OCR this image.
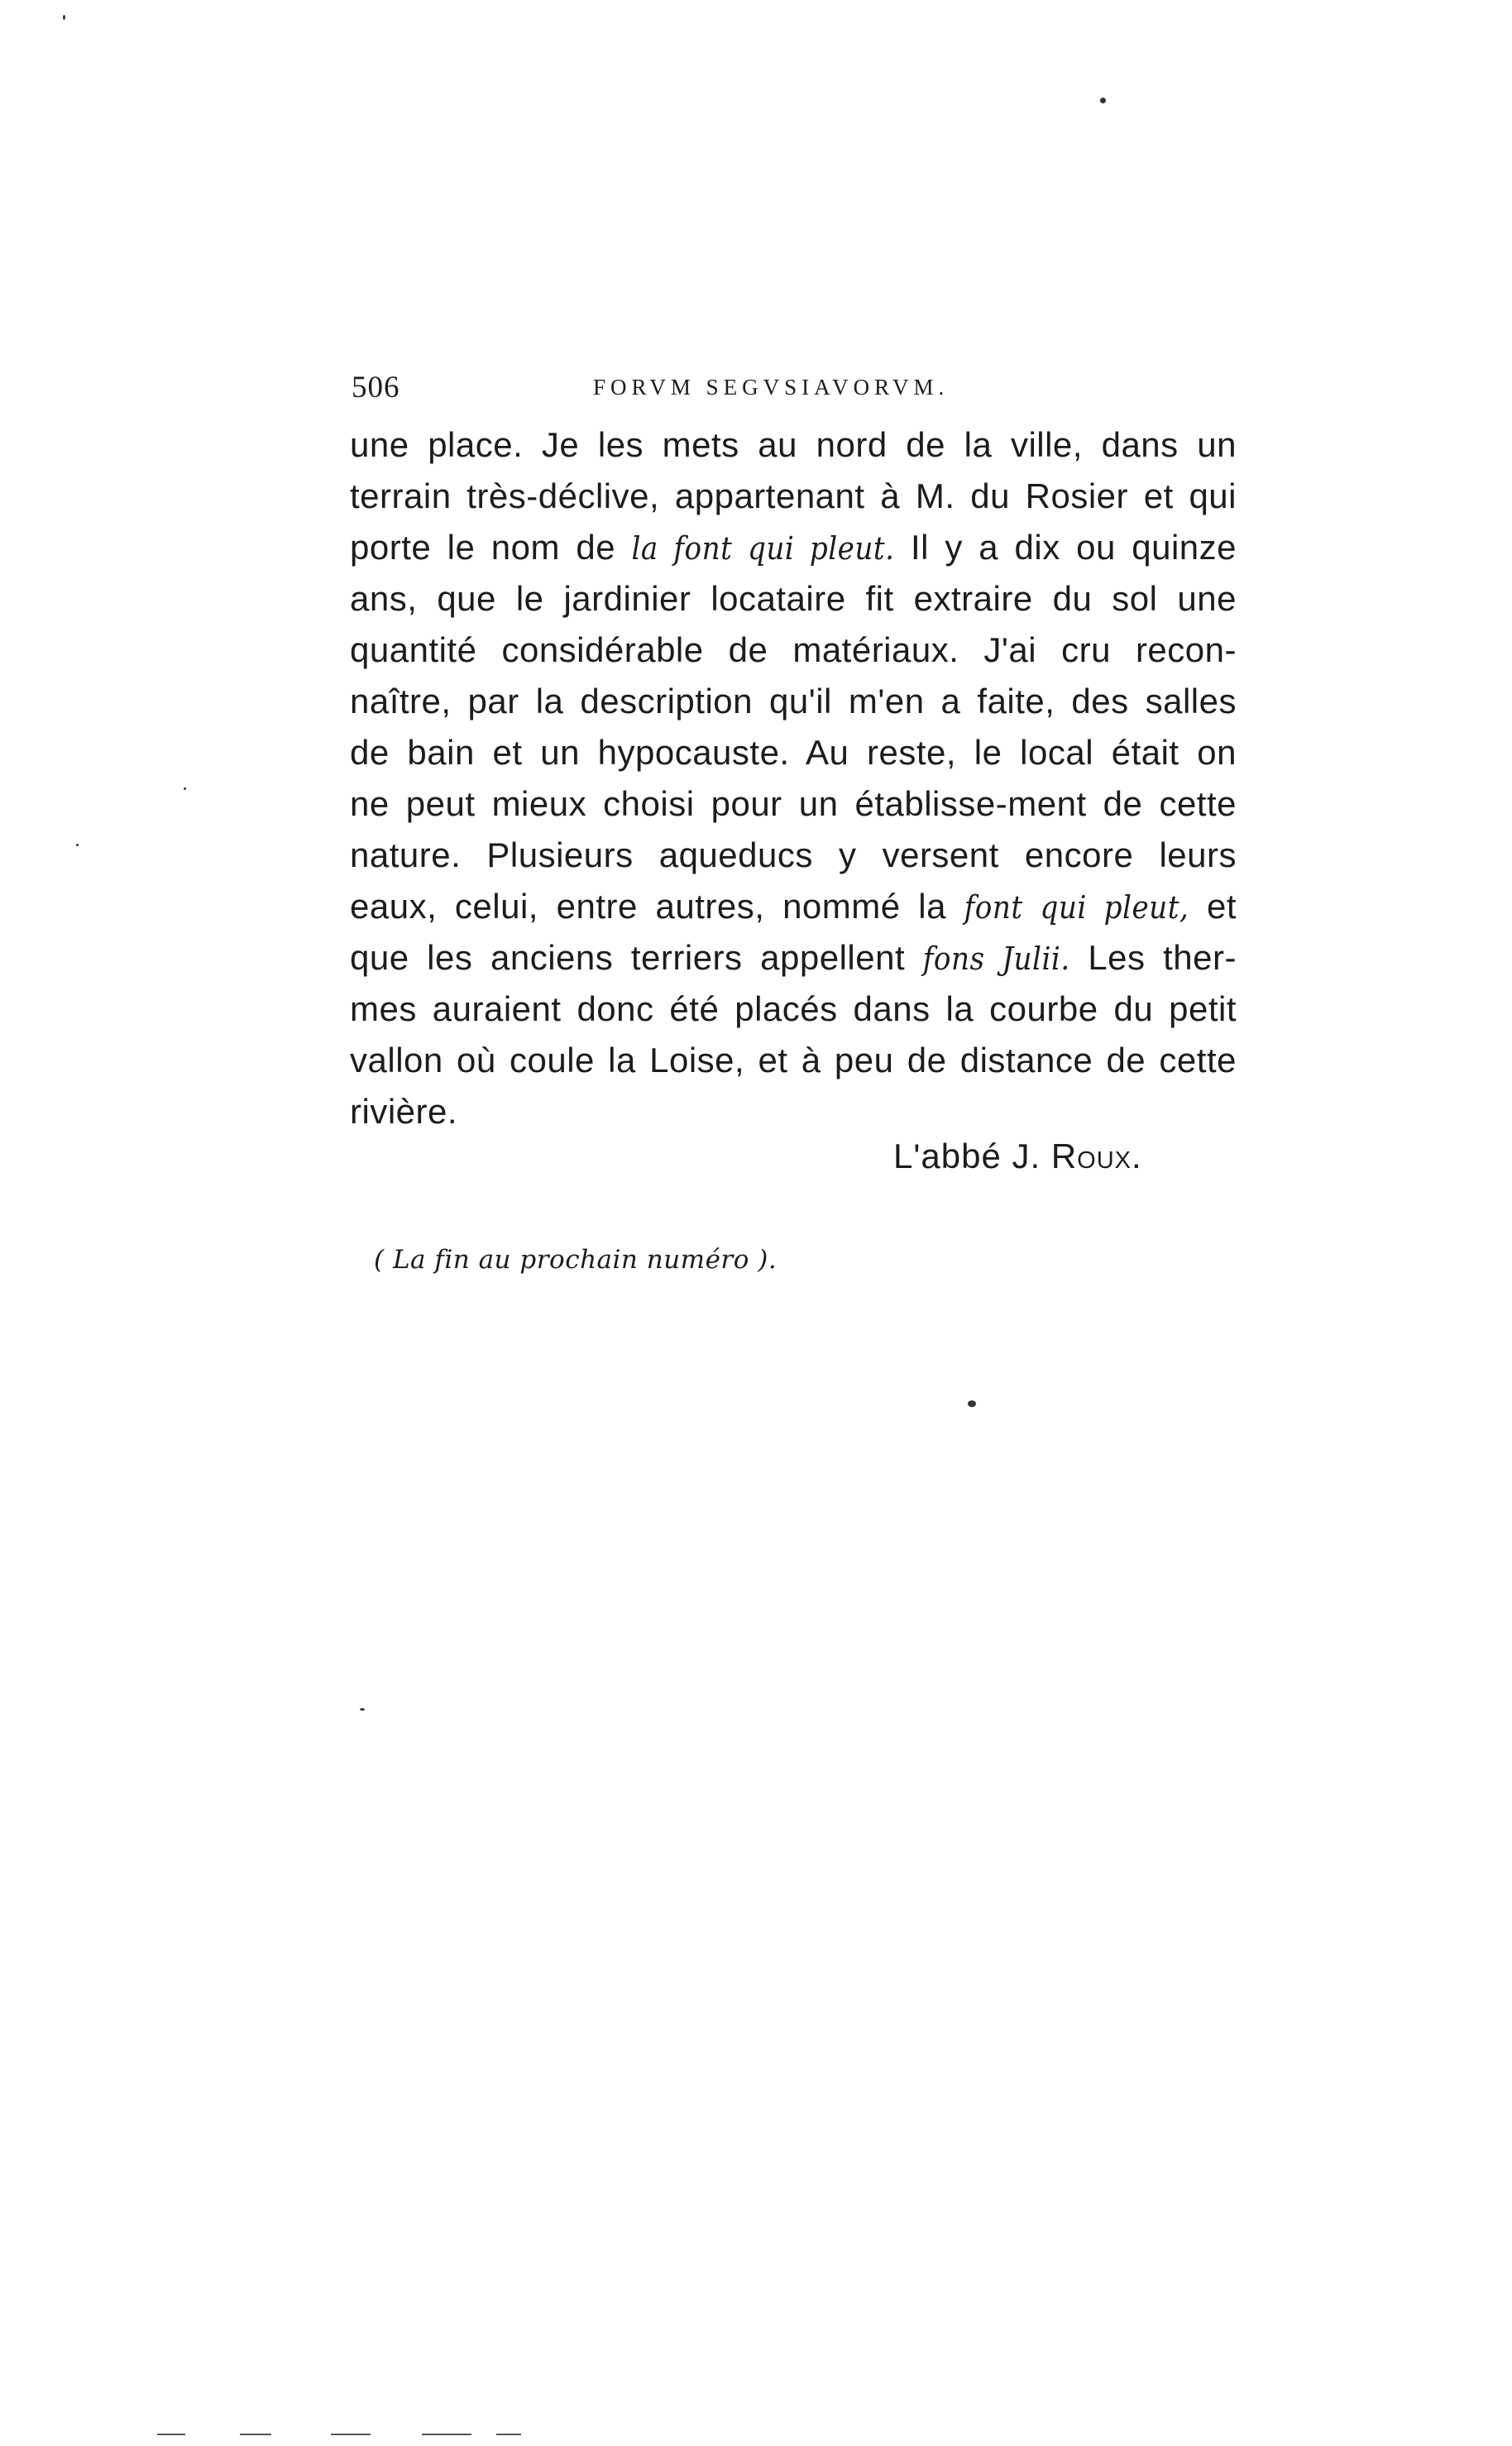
506	FORVM SEGVSIAVORVM.
une place. Je les mets au nord de la ville, dans un
terrain très-déclive, appartenant à M. du Rosier et qui
porte le nom de la font qui pleut. Il y a dix ou quinze
ans, que le jardinier locataire fit extraire du sol une
quantité considérable de matériaux. J'ai cru recon-
naître, par la description qu'il m'en a faite, des salles
de bain et un hypocauste. Au reste, le local était on
ne peut mieux choisi pour un établisse-ment de cette
nature. Plusieurs aqueducs y versent encore leurs
eaux, celui, entre autres, nommé la font qui pleut, et
que les anciens terriers appellent fons Julii. Les ther-
mes auraient donc été placés dans la courbe du petit
vallon où coule la Loise, et à peu de distance de cette
rivière.
L'abbé J. Roux.
( La fin au prochain numéro ).
